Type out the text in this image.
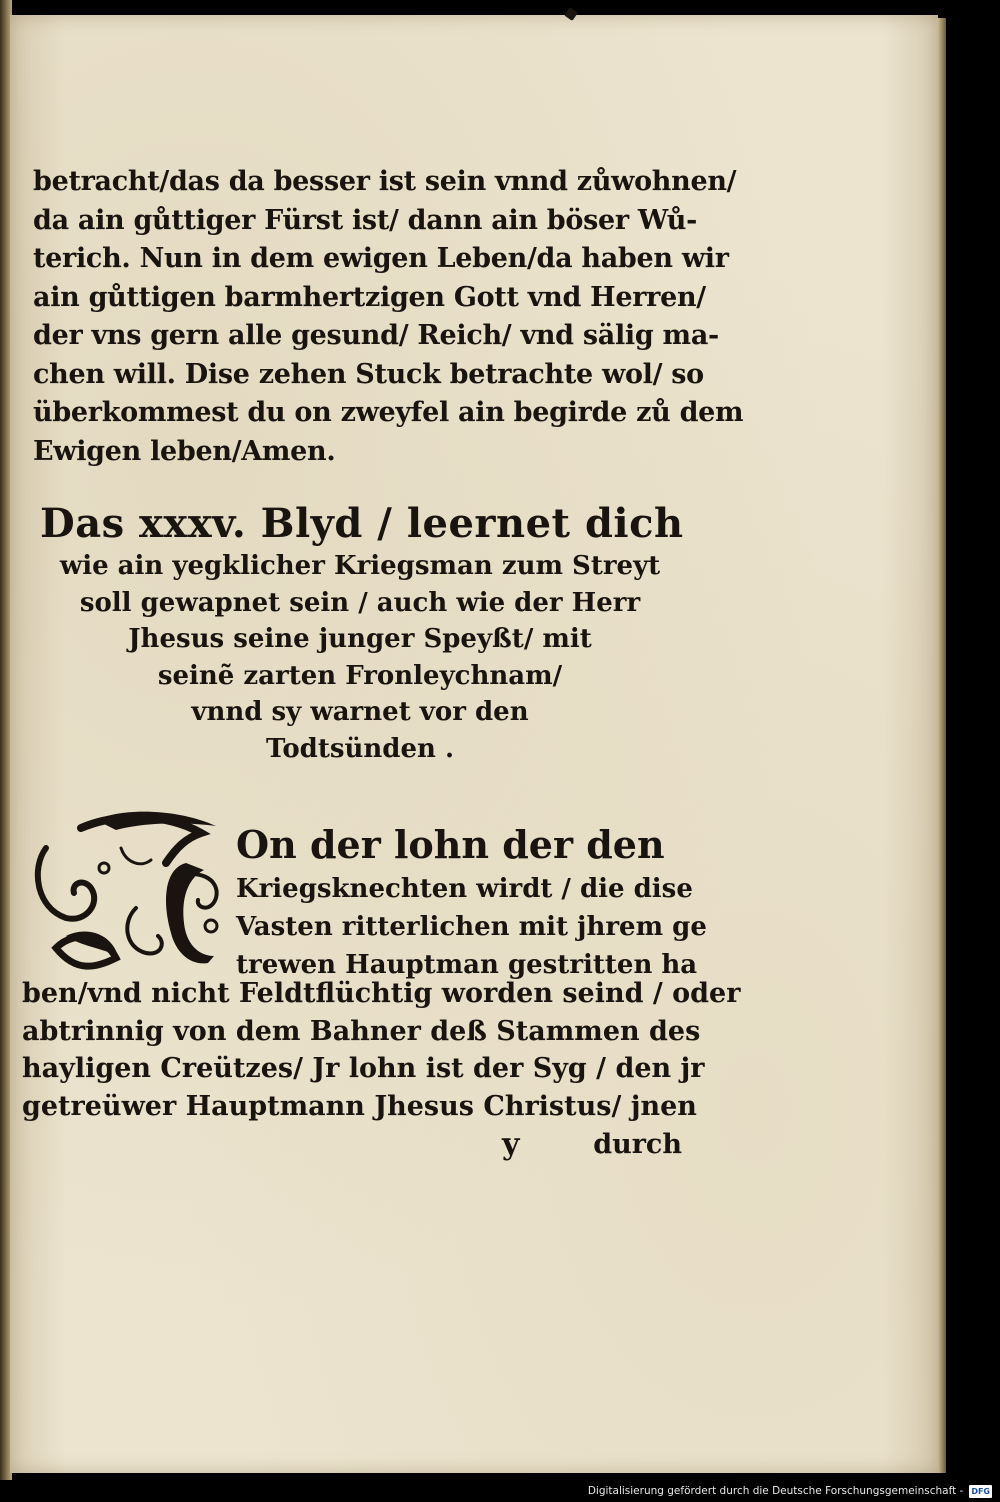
betracht/das da besser ist sein vnnd zůwohnen/
da ain gůttiger Fürst ist/ dann ain böser Wů-
terich. Nun in dem ewigen Leben/da haben wir
ain gůttigen barmhertzigen Gott vnd Herren/
der vns gern alle gesund/ Reich/ vnd sälig ma-
chen will. Dise zehen Stuck betrachte wol/ so
überkommest du on zweyfel ain begirde zů dem
Ewigen leben/Amen.
Das xxxv. Blyd / leernet dich
wie ain yegklicher Kriegsman zum Streyt
soll gewapnet sein / auch wie der Herr
Jhesus seine junger Speyßt/ mit
seinẽ zarten Fronleychnam/
vnnd sy warnet vor den
Todtsünden .
On der lohn der den
Kriegsknechten wirdt / die dise
Vasten ritterlichen mit jhrem ge
trewen Hauptman gestritten ha
ben/vnd nicht Feldtflüchtig worden seind / oder
abtrinnig von dem Bahner deß Stammen des
hayligen Creützes/ Jr lohn ist der Syg / den jr
getreüwer Hauptmann Jhesus Christus/ jnen
y	durch
Digitalisierung gefördert durch die Deutsche Forschungsgemeinschaft - DFG
